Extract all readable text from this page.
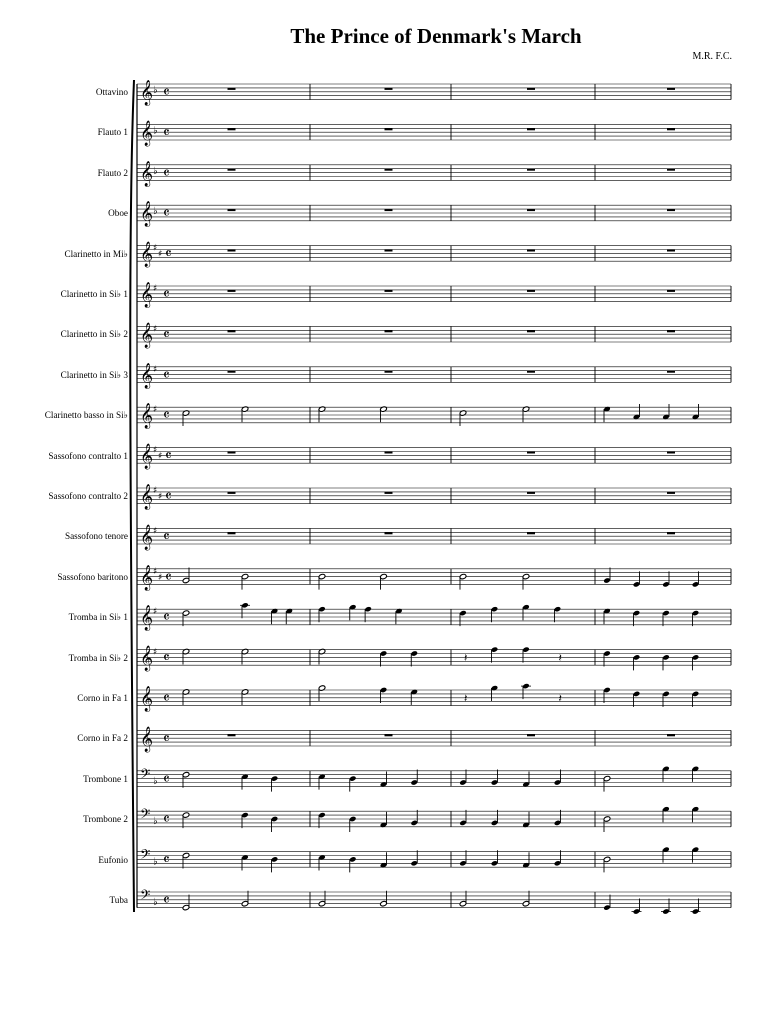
The Prince of Denmark's March
M.R. F.C.
Ottavino
Flauto 1
Flauto 2
Oboe
Clarinetto in Mi♭
Clarinetto in Si♭ 1
Clarinetto in Si♭ 2
Clarinetto in Si♭ 3
Clarinetto basso in Si♭
Sassofono contralto 1
Sassofono contralto 2
Sassofono tenore
Sassofono baritono
Tromba in Si♭ 1
Tromba in Si♭ 2
Corno in Fa 1
Corno in Fa 2
Trombone 1
Trombone 2
Eufonio
Tuba
𝄞 ♭ 𝄴
𝄞 ♭ 𝄴
𝄞 ♭ 𝄴
𝄞 ♭ 𝄴
𝄞 ♯
♯ 𝄴
𝄞 ♯ 𝄴
𝄞 ♯ 𝄴
𝄞 ♯ 𝄴
𝄞 ♯ 𝄴
𝄞 ♯
♯ 𝄴
𝄞 ♯
♯ 𝄴
𝄞 ♯ 𝄴
𝄞 ♯
♯ 𝄴
𝄞 ♯ 𝄴
𝄞 ♯ 𝄴	𝄽	𝄽
𝄞 𝄴	𝄽	𝄽
𝄞 𝄴
𝄢 ♭ 𝄴
𝄢 ♭ 𝄴
𝄢 ♭ 𝄴
𝄢 ♭ 𝄴
